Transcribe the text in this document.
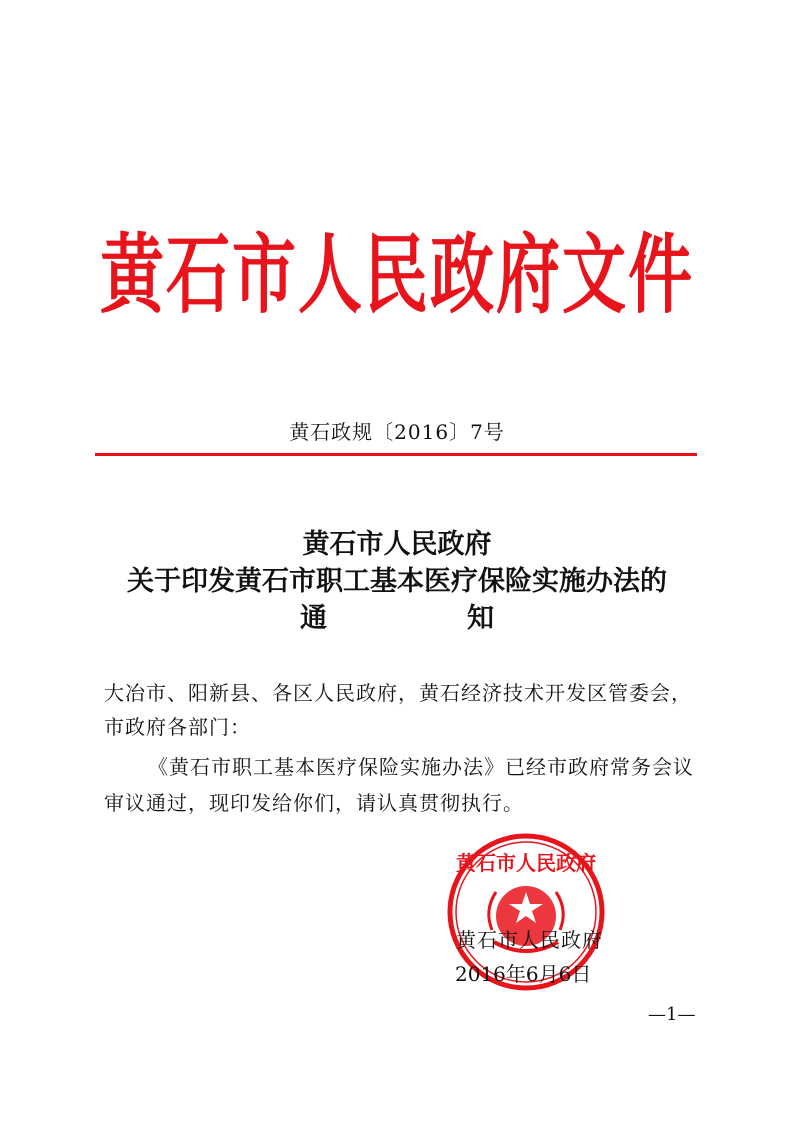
黄石市人民政府文件
黄石政规〔2016〕7号
黄石市人民政府
关于印发黄石市职工基本医疗保险实施办法的
通	知
大冶市、阳新县、各区人民政府，黄石经济技术开发区管委会，
市政府各部门：
《黄石市职工基本医疗保险实施办法》已经市政府常务会议
审议通过，现印发给你们，请认真贯彻执行。
黄石市人民政府
黄石市人民政府
2016年6月6日
—1—
